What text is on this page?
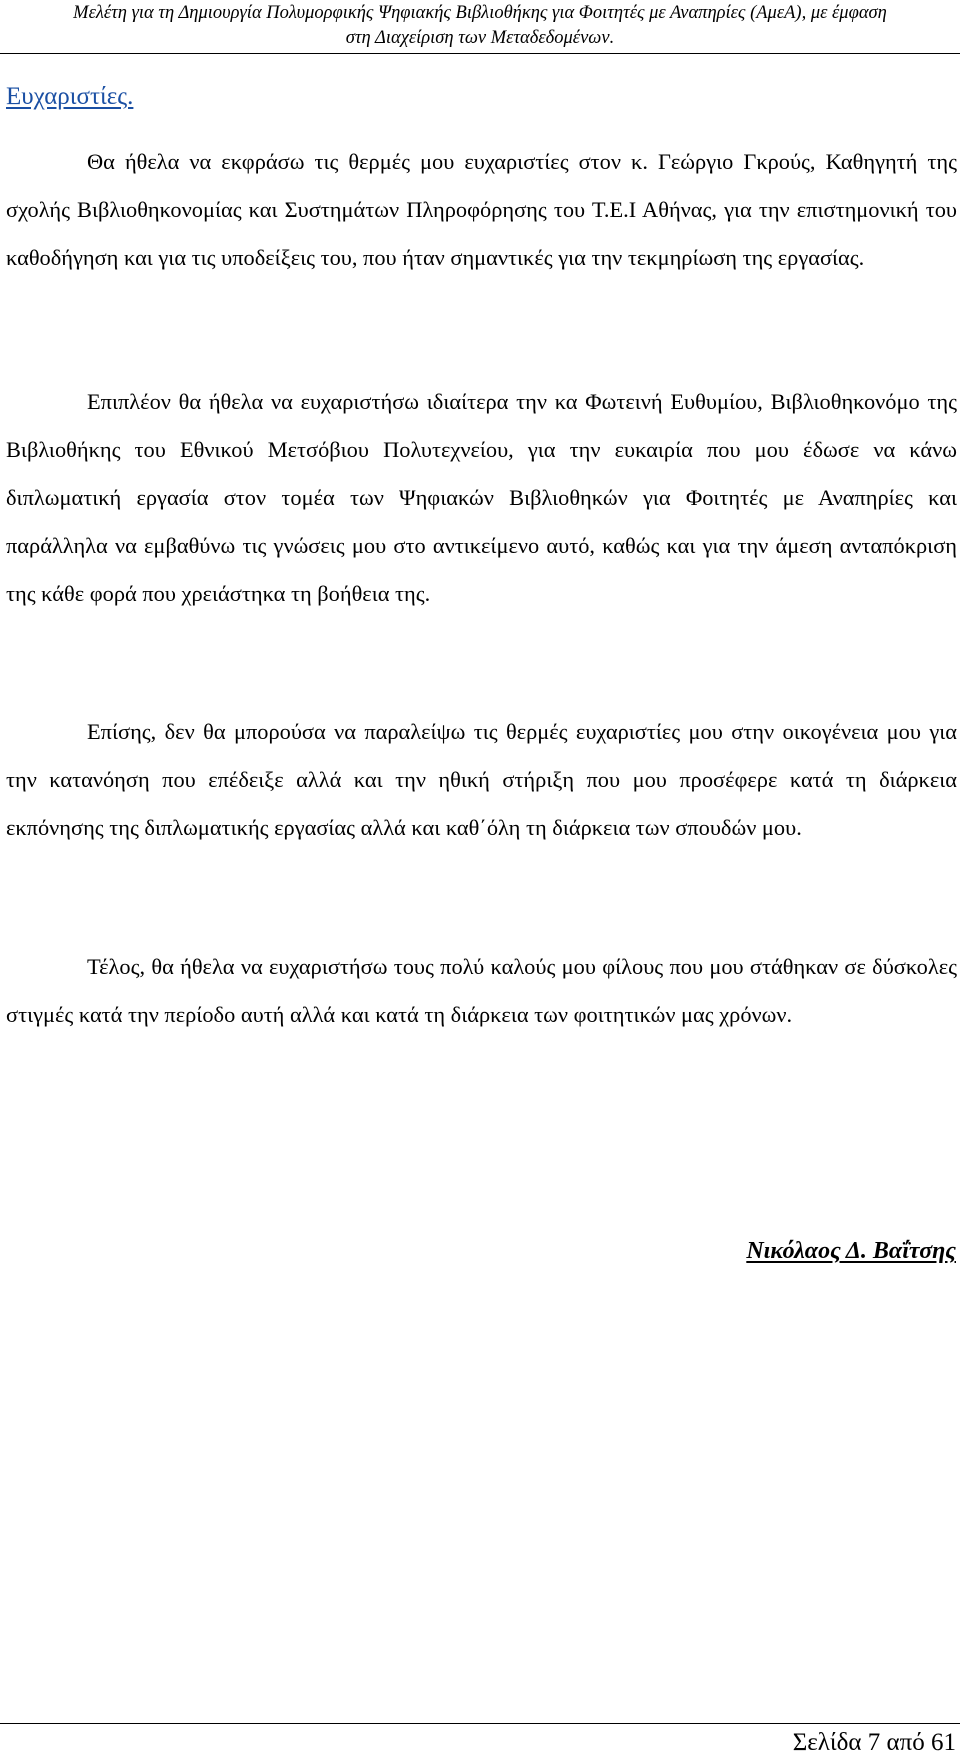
Μελέτη για τη Δημιουργία Πολυμορφικής Ψηφιακής Βιβλιοθήκης για Φοιτητές με Αναπηρίες (ΑμεΑ), με έμφαση
στη Διαχείριση των Μεταδεδομένων.
Ευχαριστίες.

Θα ήθελα να εκφράσω τις θερμές μου ευχαριστίες στον κ. Γεώργιο Γκρούς, Καθηγητή της σχολής Βιβλιοθηκονομίας και Συστημάτων Πληροφόρησης του Τ.Ε.Ι Αθήνας, για την επιστημονική του καθοδήγηση και για τις υποδείξεις του, που ήταν σημαντικές για την τεκμηρίωση της εργασίας.

Επιπλέον θα ήθελα να ευχαριστήσω ιδιαίτερα την κα Φωτεινή Ευθυμίου, Βιβλιοθηκονόμο της Βιβλιοθήκης του Εθνικού Μετσόβιου Πολυτεχνείου, για την ευκαιρία που μου έδωσε να κάνω διπλωματική εργασία στον τομέα των Ψηφιακών Βιβλιοθηκών για Φοιτητές με Αναπηρίες και παράλληλα να εμβαθύνω τις γνώσεις μου στο αντικείμενο αυτό, καθώς και για την άμεση ανταπόκριση της κάθε φορά που χρειάστηκα τη βοήθεια της.

Επίσης, δεν θα μπορούσα να παραλείψω τις θερμές ευχαριστίες μου στην οικογένεια μου για την κατανόηση που επέδειξε αλλά και την ηθική στήριξη που μου προσέφερε κατά τη διάρκεια εκπόνησης της διπλωματικής εργασίας αλλά και καθ΄όλη τη διάρκεια των σπουδών μου.

Τέλος, θα ήθελα να ευχαριστήσω τους πολύ καλούς μου φίλους που μου στάθηκαν σε δύσκολες στιγμές κατά την περίοδο αυτή αλλά και κατά τη διάρκεια των φοιτητικών μας χρόνων.

Νικόλαος Δ. Βαΐτσης
Σελίδα 7 από 61
